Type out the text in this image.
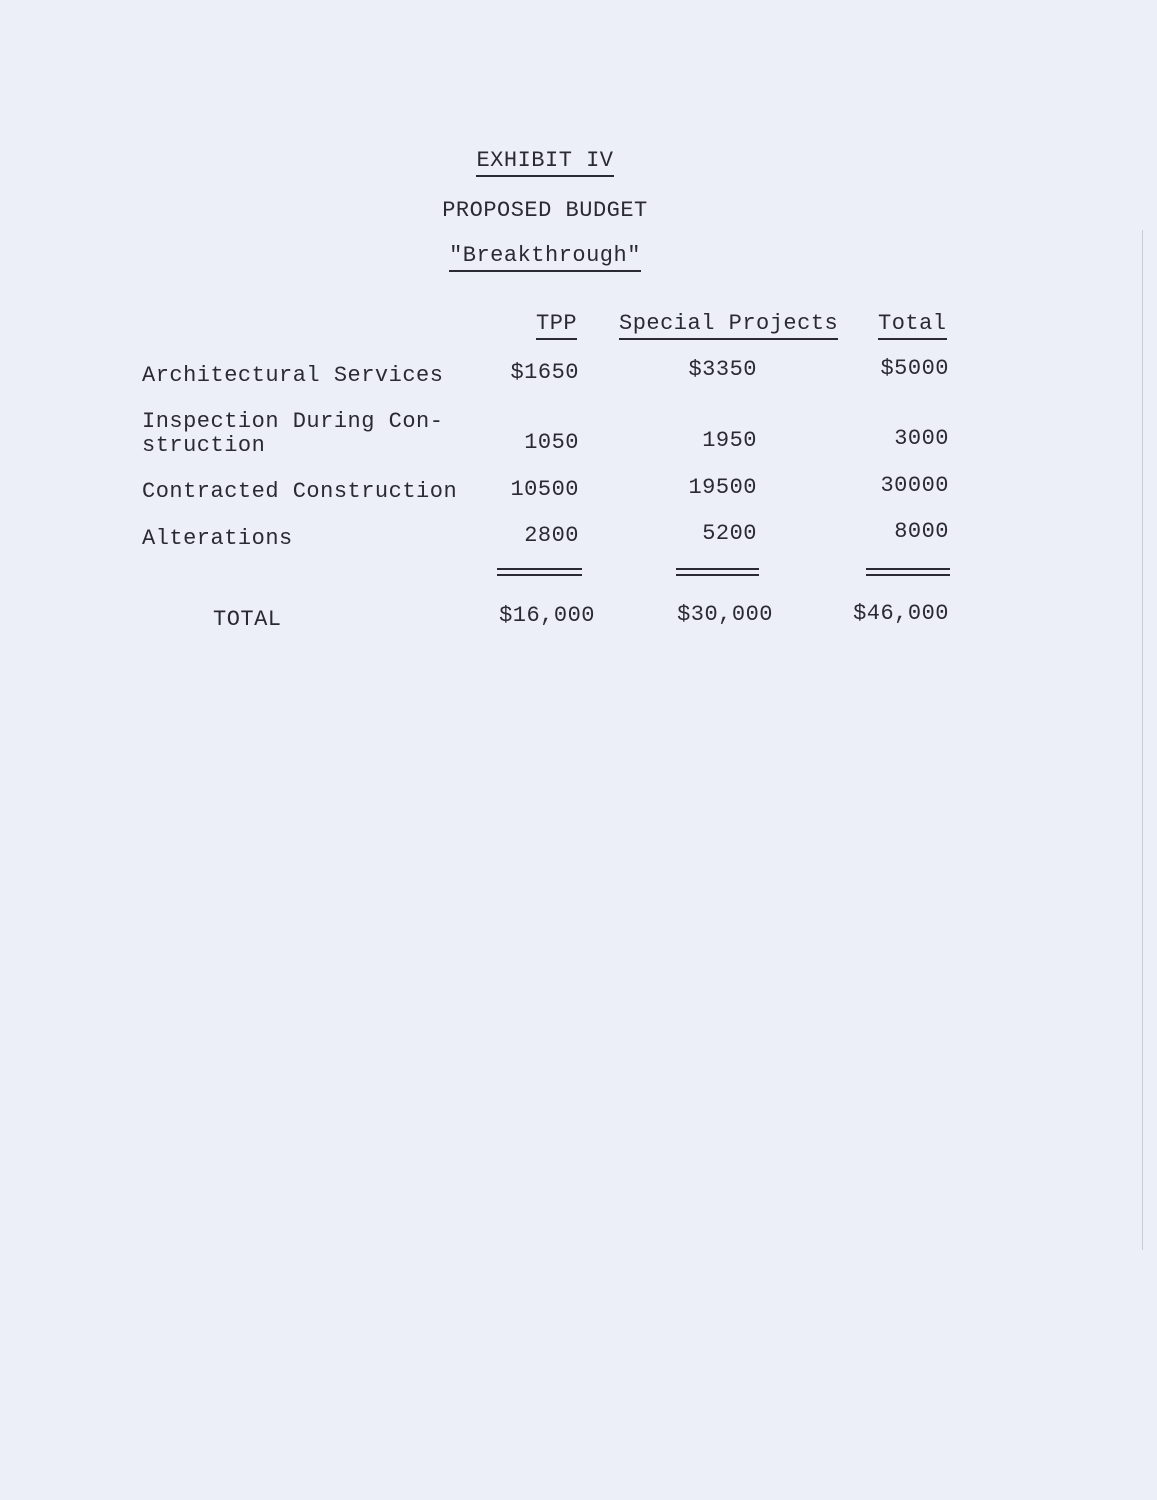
EXHIBIT IV
PROPOSED BUDGET
"Breakthrough"
TPP Special Projects Total
Architectural Services	$1650	$3350	$5000
Inspection During Con-
struction	1050	1950	3000
Contracted Construction	10500	19500	30000
Alterations	2800	5200	8000
TOTAL	$16,000	$30,000	$46,000
